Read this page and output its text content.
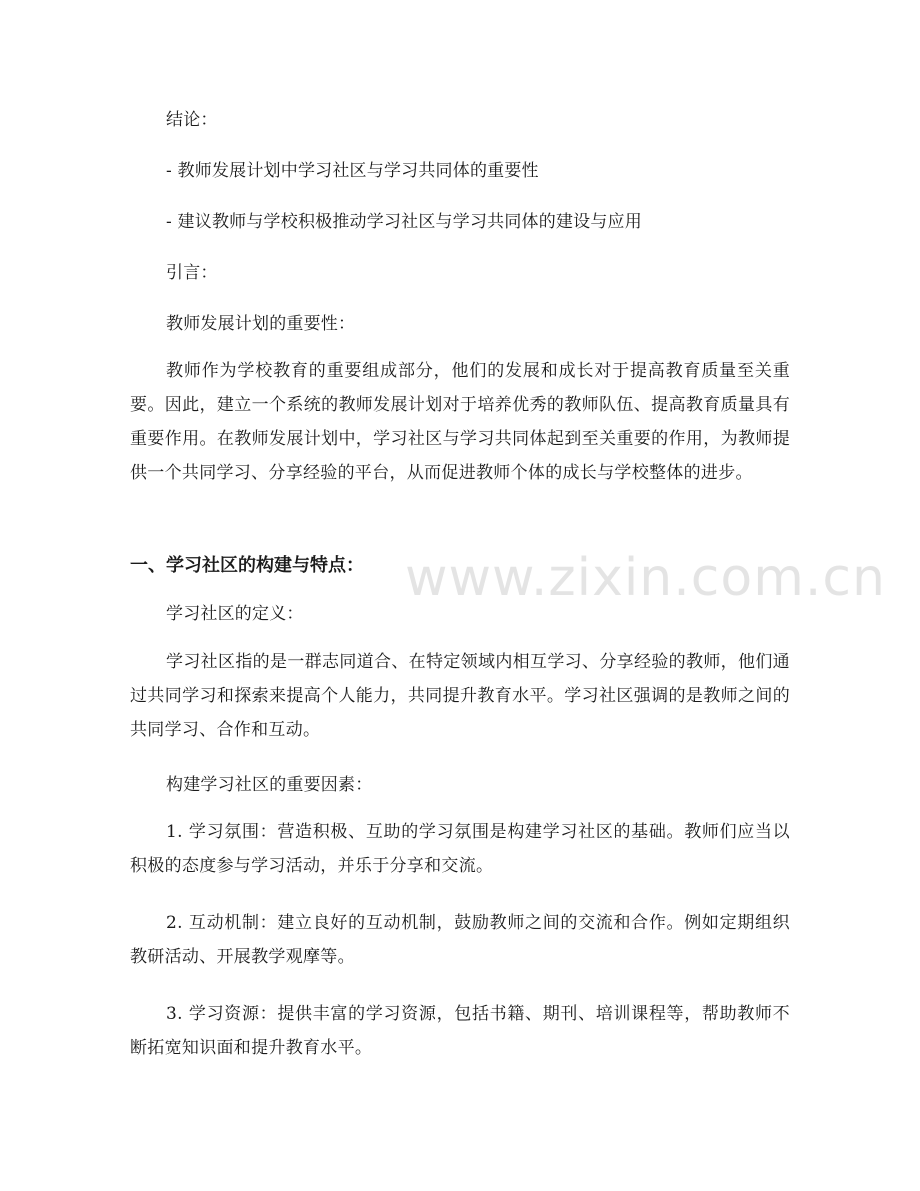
结论：
- 教师发展计划中学习社区与学习共同体的重要性
- 建议教师与学校积极推动学习社区与学习共同体的建设与应用
引言：
教师发展计划的重要性：
教师作为学校教育的重要组成部分，他们的发展和成长对于提高教育质量至关重要。因此，建立一个系统的教师发展计划对于培养优秀的教师队伍、提高教育质量具有重要作用。在教师发展计划中，学习社区与学习共同体起到至关重要的作用，为教师提供一个共同学习、分享经验的平台，从而促进教师个体的成长与学校整体的进步。
一、学习社区的构建与特点：
学习社区的定义：
学习社区指的是一群志同道合、在特定领域内相互学习、分享经验的教师，他们通过共同学习和探索来提高个人能力，共同提升教育水平。学习社区强调的是教师之间的共同学习、合作和互动。
构建学习社区的重要因素：
1. 学习氛围：营造积极、互助的学习氛围是构建学习社区的基础。教师们应当以积极的态度参与学习活动，并乐于分享和交流。
2. 互动机制：建立良好的互动机制，鼓励教师之间的交流和合作。例如定期组织教研活动、开展教学观摩等。
3. 学习资源：提供丰富的学习资源，包括书籍、期刊、培训课程等，帮助教师不断拓宽知识面和提升教育水平。
www.zixin.com.cn
